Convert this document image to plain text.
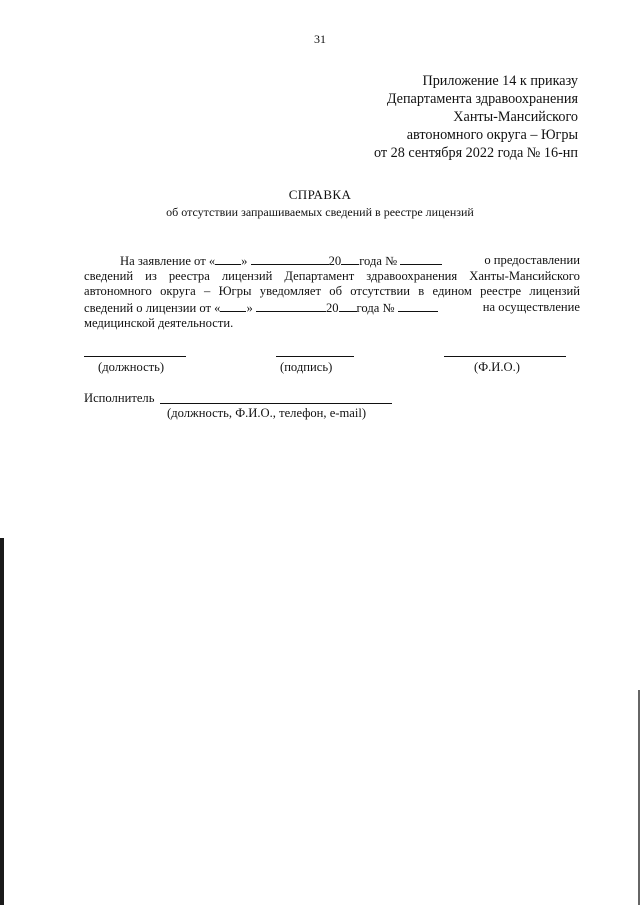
31
Приложение 14 к приказу
Департамента здравоохранения
Ханты-Мансийского
автономного округа – Югры
от 28 сентября 2022 года № 16-нп
СПРАВКА
об отсутствии запрашиваемых сведений в реестре лицензий
На заявление от « »	20 года №	о предоставлении
сведений из реестра лицензий Департамент здравоохранения Ханты-Мансийского
автономного округа – Югры уведомляет об отсутствии в едином реестре лицензий
сведений о лицензии от « »	20 года №	на осуществление
медицинской деятельности.
(должность)	(подпись)	(Ф.И.О.)
Исполнитель
(должность, Ф.И.О., телефон, e-mail)
